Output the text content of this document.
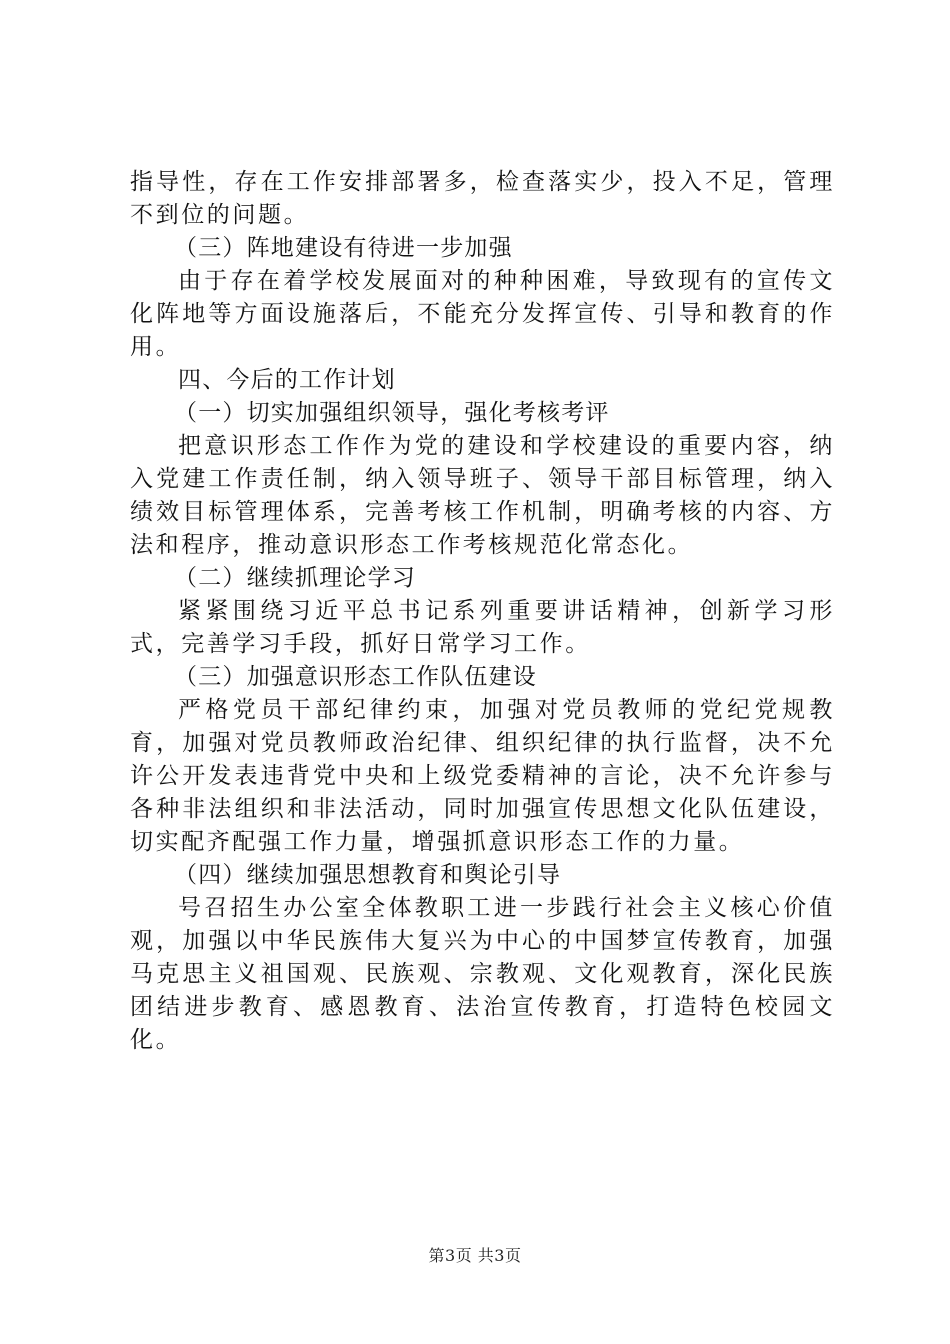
指导性，存在工作安排部署多，检查落实少，投入不足，管理不到位的问题。

（三）阵地建设有待进一步加强

由于存在着学校发展面对的种种困难，导致现有的宣传文化阵地等方面设施落后，不能充分发挥宣传、引导和教育的作用。

四、今后的工作计划

（一）切实加强组织领导，强化考核考评

把意识形态工作作为党的建设和学校建设的重要内容，纳入党建工作责任制，纳入领导班子、领导干部目标管理，纳入绩效目标管理体系，完善考核工作机制，明确考核的内容、方法和程序，推动意识形态工作考核规范化常态化。

（二）继续抓理论学习

紧紧围绕习近平总书记系列重要讲话精神，创新学习形式，完善学习手段，抓好日常学习工作。

（三）加强意识形态工作队伍建设

严格党员干部纪律约束，加强对党员教师的党纪党规教育，加强对党员教师政治纪律、组织纪律的执行监督，决不允许公开发表违背党中央和上级党委精神的言论，决不允许参与各种非法组织和非法活动，同时加强宣传思想文化队伍建设，切实配齐配强工作力量，增强抓意识形态工作的力量。

（四）继续加强思想教育和舆论引导

号召招生办公室全体教职工进一步践行社会主义核心价值观，加强以中华民族伟大复兴为中心的中国梦宣传教育，加强马克思主义祖国观、民族观、宗教观、文化观教育，深化民族团结进步教育、感恩教育、法治宣传教育，打造特色校园文化。

第3页 共3页
